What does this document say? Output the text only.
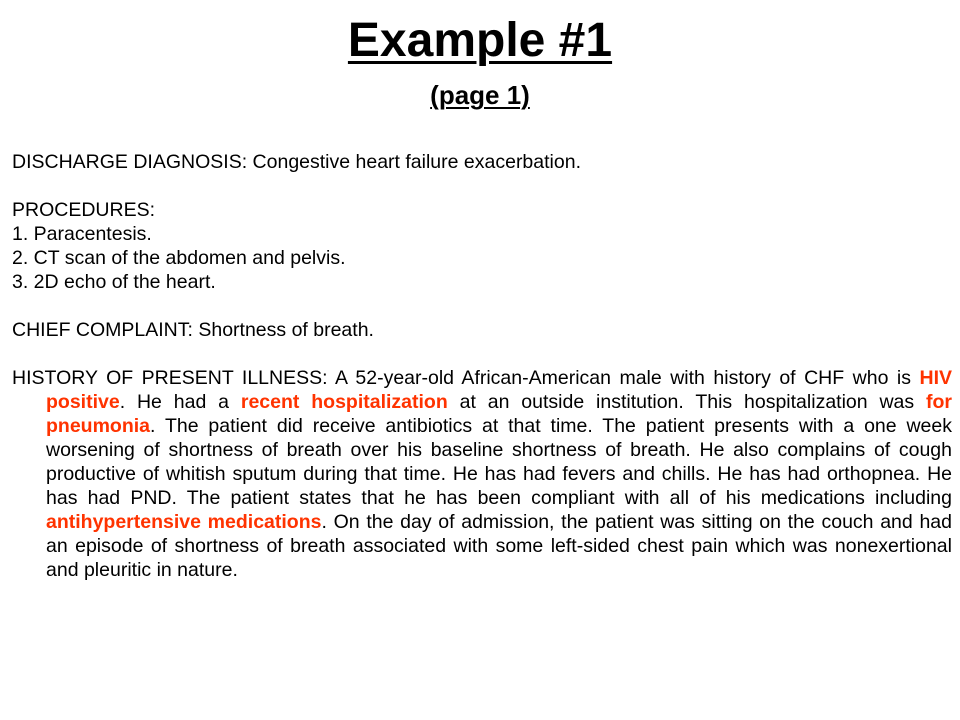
Example #1
(page 1)

DISCHARGE DIAGNOSIS: Congestive heart failure exacerbation.

PROCEDURES:

1. Paracentesis.

2. CT scan of the abdomen and pelvis.

3. 2D echo of the heart.

CHIEF COMPLAINT: Shortness of breath.

HISTORY OF PRESENT ILLNESS: A 52-year-old African-American male with history of CHF who is HIV positive. He had a recent hospitalization at an outside institution. This hospitalization was for pneumonia. The patient did receive antibiotics at that time. The patient presents with a one week worsening of shortness of breath over his baseline shortness of breath. He also complains of cough productive of whitish sputum during that time. He has had fevers and chills. He has had orthopnea. He has had PND. The patient states that he has been compliant with all of his medications including antihypertensive medications. On the day of admission, the patient was sitting on the couch and had an episode of shortness of breath associated with some left-sided chest pain which was nonexertional and pleuritic in nature.
